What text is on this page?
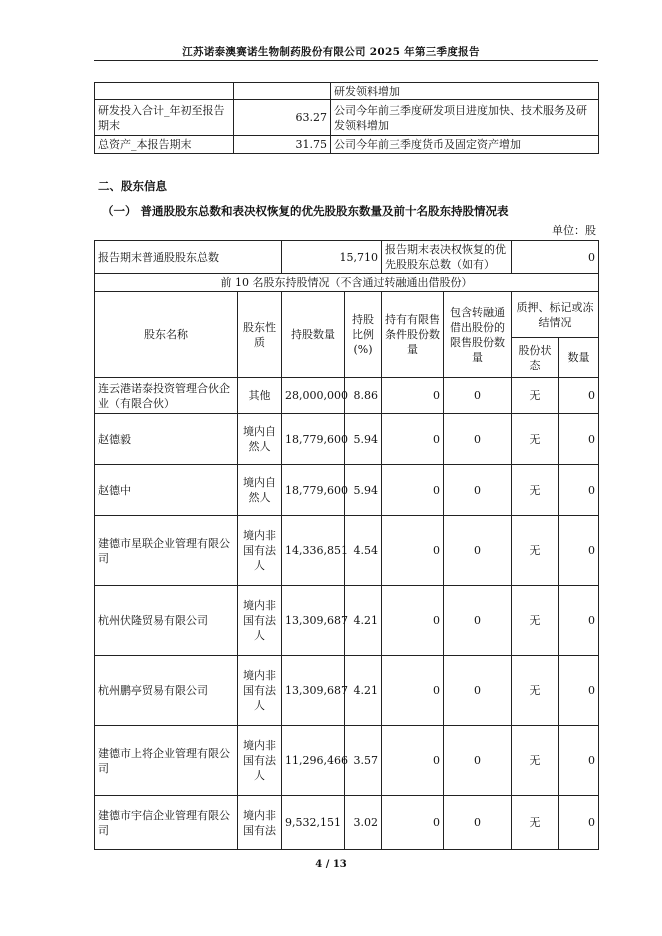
江苏诺泰澳赛诺生物制药股份有限公司 2025 年第三季度报告
		研发领料增加
研发投入合计_年初至报告期末	63.27	公司今年前三季度研发项目进度加快、技术服务及研发领料增加
总资产_本报告期末	31.75	公司今年前三季度货币及固定资产增加
二、股东信息
（一） 普通股股东总数和表决权恢复的优先股股东数量及前十名股东持股情况表
单位：股
报告期末普通股股东总数		15,710		报告期末表决权恢复的优先股股东总数（如有）		0	
前 10 名股东持股情况（不含通过转融通出借股份）							
股东名称	股东性质	持股数量	持股比例(%)	持有有限售条件股份数量	包含转融通借出股份的限售股份数量	质押、标记或冻结情况	
						股份状态	数量
连云港诺泰投资管理合伙企业（有限合伙）	其他	28,000,000	8.86	0	0	无	0
赵德毅	境内自然人	18,779,600	5.94	0	0	无	0
赵德中	境内自然人	18,779,600	5.94	0	0	无	0
建德市星联企业管理有限公司	境内非国有法人	14,336,851	4.54	0	0	无	0
杭州伏隆贸易有限公司	境内非国有法人	13,309,687	4.21	0	0	无	0
杭州鹏亭贸易有限公司	境内非国有法人	13,309,687	4.21	0	0	无	0
建德市上将企业管理有限公司	境内非国有法人	11,296,466	3.57	0	0	无	0
建德市宇信企业管理有限公司	境内非国有法	9,532,151	3.02	0	0	无	0
4 / 13
